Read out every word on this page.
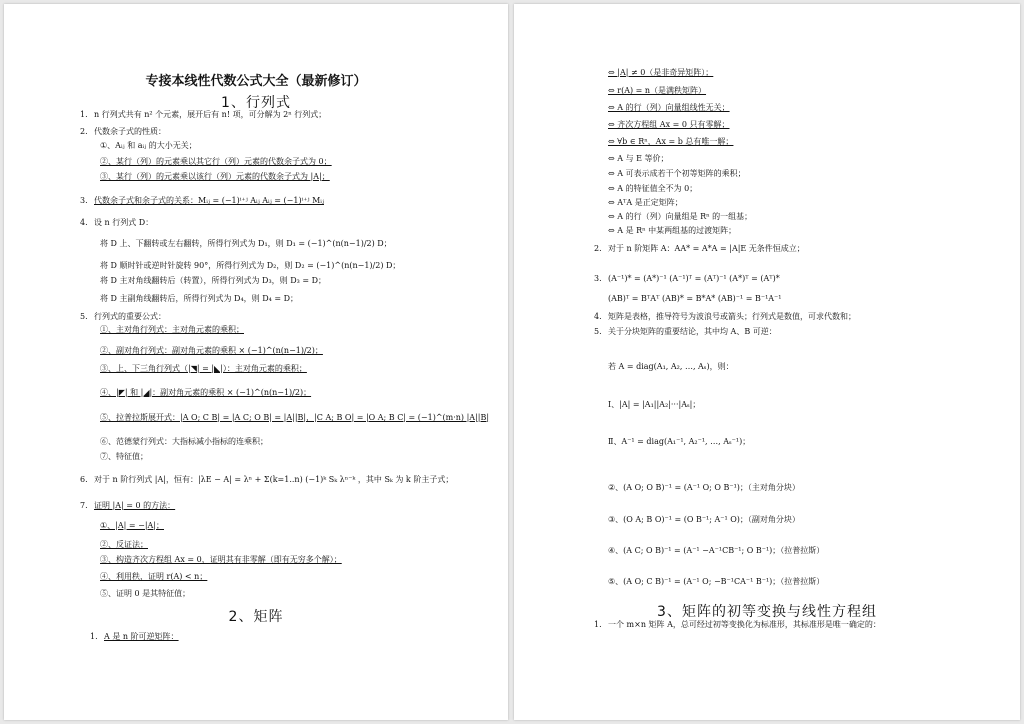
专接本线性代数公式大全（最新修订）
1、行列式
2、矩阵
1. n 行列式共有 n² 个元素，展开后有 n! 项，可分解为 2ⁿ 行列式；
2. 代数余子式的性质：
①、Aᵢⱼ 和 aᵢⱼ 的大小无关；
②、某行（列）的元素乘以其它行（列）元素的代数余子式为 0；
③、某行（列）的元素乘以该行（列）元素的代数余子式为 |A|；
3. 代数余子式和余子式的关系：Mᵢⱼ = (−1)ⁱ⁺ʲ Aᵢⱼ Aᵢⱼ = (−1)ⁱ⁺ʲ Mᵢⱼ
4. 设 n 行列式 D：
将 D 上、下翻转或左右翻转，所得行列式为 D₁，则 D₁ = (−1)^(n(n−1)/2) D；
将 D 顺时针或逆时针旋转 90°，所得行列式为 D₂，则 D₂ = (−1)^(n(n−1)/2) D；
将 D 主对角线翻转后（转置），所得行列式为 D₃，则 D₃ = D；
将 D 主副角线翻转后，所得行列式为 D₄，则 D₄ = D；
5. 行列式的重要公式：
①、主对角行列式：主对角元素的乘积；
②、副对角行列式：副对角元素的乘积 × (−1)^(n(n−1)/2)；
③、上、下三角行列式（|◥| = |◣|）：主对角元素的乘积；
④、|◤| 和 |◢|：副对角元素的乘积 × (−1)^(n(n−1)/2)；
⑤、拉普拉斯展开式：|A O; C B| = |A C; O B| = |A||B|，|C A; B O| = |O A; B C| = (−1)^(m·n) |A||B|
⑥、范德蒙行列式：大指标减小指标的连乘积；
⑦、特征值；
6. 对于 n 阶行列式 |A|，恒有：|λE − A| = λⁿ + Σ(k=1..n) (−1)ᵏ Sₖ λⁿ⁻ᵏ ，其中 Sₖ 为 k 阶主子式；
7. 证明 |A| = 0 的方法：
①、|A| = −|A|；
②、反证法；
③、构造齐次方程组 Ax = 0，证明其有非零解（即有无穷多个解）；
④、利用秩，证明 r(A) < n；
⑤、证明 0 是其特征值；
1. A 是 n 阶可逆矩阵：
3、矩阵的初等变换与线性方程组
⇔ |A| ≠ 0（是非奇异矩阵）；
⇔ r(A) = n（是满秩矩阵）
⇔ A 的行（列）向量组线性无关；
⇔ 齐次方程组 Ax = 0 只有零解；
⇔ ∀b ∈ Rⁿ，Ax = b 总有唯一解；
⇔ A 与 E 等价；
⇔ A 可表示成若干个初等矩阵的乘积；
⇔ A 的特征值全不为 0；
⇔ AᵀA 是正定矩阵；
⇔ A 的行（列）向量组是 Rⁿ 的一组基；
⇔ A 是 Rⁿ 中某两组基的过渡矩阵；
2. 对于 n 阶矩阵 A：AA* = A*A = |A|E 无条件恒成立；
3. (A⁻¹)* = (A*)⁻¹ (A⁻¹)ᵀ = (Aᵀ)⁻¹ (A*)ᵀ = (Aᵀ)*
(AB)ᵀ = BᵀAᵀ (AB)* = B*A* (AB)⁻¹ = B⁻¹A⁻¹
4. 矩阵是表格，推导符号为波浪号或箭头；行列式是数值，可求代数和；
5. 关于分块矩阵的重要结论，其中均 A、B 可逆：
若 A = diag(A₁, A₂, …, Aₛ)，则：
Ⅰ、|A| = |A₁||A₂|···|Aₛ|；
Ⅱ、A⁻¹ = diag(A₁⁻¹, A₂⁻¹, …, Aₛ⁻¹)；
②、(A O; O B)⁻¹ = (A⁻¹ O; O B⁻¹)；（主对角分块）
③、(O A; B O)⁻¹ = (O B⁻¹; A⁻¹ O)；（副对角分块）
④、(A C; O B)⁻¹ = (A⁻¹ −A⁻¹CB⁻¹; O B⁻¹)；（拉普拉斯）
⑤、(A O; C B)⁻¹ = (A⁻¹ O; −B⁻¹CA⁻¹ B⁻¹)；（拉普拉斯）
1. 一个 m×n 矩阵 A，总可经过初等变换化为标准形，其标准形是唯一确定的：
